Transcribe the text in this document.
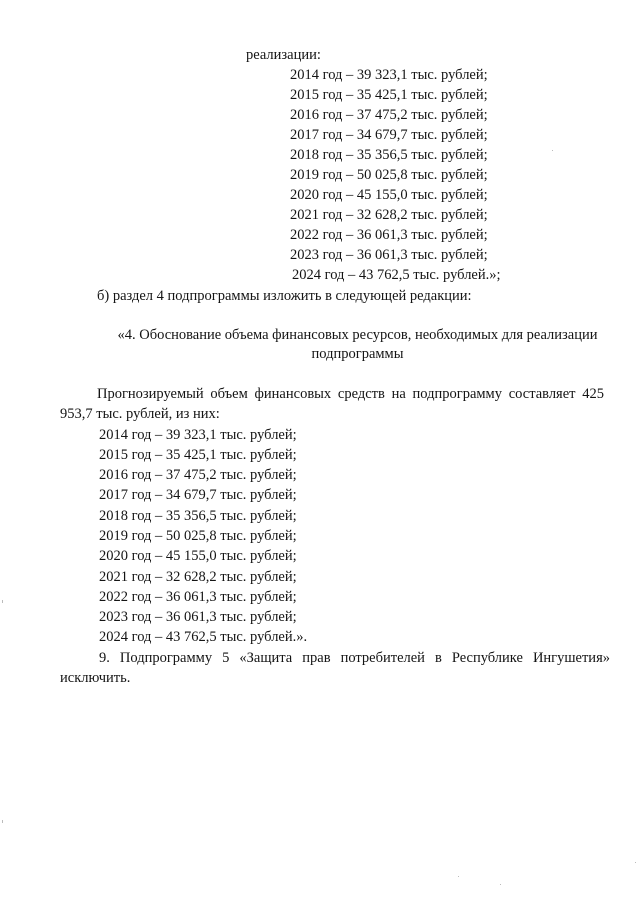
реализации:
2014 год – 39 323,1 тыс. рублей;
2015 год – 35 425,1 тыс. рублей;
2016 год – 37 475,2 тыс. рублей;
2017 год – 34 679,7 тыс. рублей;
2018 год – 35 356,5 тыс. рублей;
2019 год – 50 025,8 тыс. рублей;
2020 год – 45 155,0 тыс. рублей;
2021 год – 32 628,2 тыс. рублей;
2022 год – 36 061,3 тыс. рублей;
2023 год – 36 061,3 тыс. рублей;
2024 год – 43 762,5 тыс. рублей.»;
б) раздел 4 подпрограммы изложить в следующей редакции:
«4. Обоснование объема финансовых ресурсов, необходимых для реализации
подпрограммы
Прогнозируемый объем финансовых средств на подпрограмму составляет 425
953,7 тыс. рублей, из них:
2014 год – 39 323,1 тыс. рублей;
2015 год – 35 425,1 тыс. рублей;
2016 год – 37 475,2 тыс. рублей;
2017 год – 34 679,7 тыс. рублей;
2018 год – 35 356,5 тыс. рублей;
2019 год – 50 025,8 тыс. рублей;
2020 год – 45 155,0 тыс. рублей;
2021 год – 32 628,2 тыс. рублей;
2022 год – 36 061,3 тыс. рублей;
2023 год – 36 061,3 тыс. рублей;
2024 год – 43 762,5 тыс. рублей.».
9. Подпрограмму 5 «Защита прав потребителей в Республике Ингушетия»
исключить.
